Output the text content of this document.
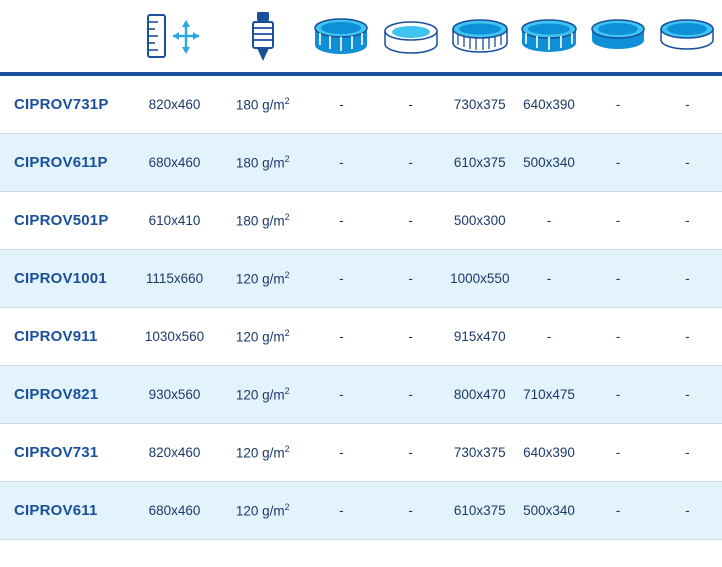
CIPROV731P	820x460	180 $g/m^2$	-	-	730x375	640x390	-	-
CIPROV611P	680x460	180 $g/m^2$	-	-	610x375	500x340	-	-
CIPROV501P	610x410	180 $g/m^2$	-	-	500x300	-	-	-
CIPROV1001	1115x660	120 $g/m^2$	-	-	1000x550	-	-	-
CIPROV911	1030x560	120 $g/m^2$	-	-	915x470	-	-	-
CIPROV821	930x560	120 $g/m^2$	-	-	800x470	710x475	-	-
CIPROV731	820x460	120 $g/m^2$	-	-	730x375	640x390	-	-
CIPROV611	680x460	120 $g/m^2$	-	-	610x375	500x340	-	-
